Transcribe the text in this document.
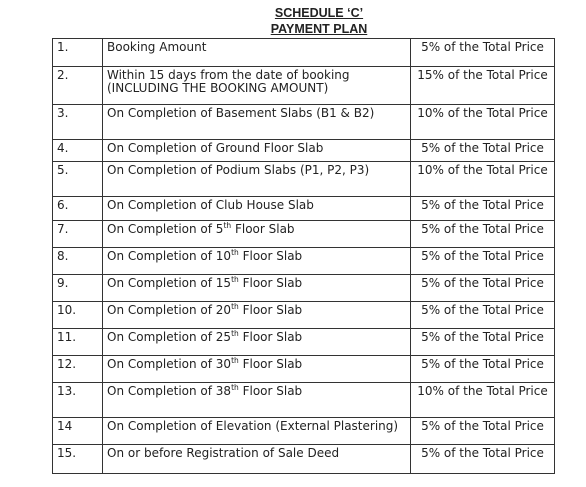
SCHEDULE ‘C’
PAYMENT PLAN
1.	Booking Amount	5% of the Total Price
2.	Within 15 days from the date of booking (INCLUDING THE BOOKING AMOUNT)	15% of the Total Price
3.	On Completion of Basement Slabs (B1 & B2)	10% of the Total Price
4.	On Completion of Ground Floor Slab	5% of the Total Price
5.	On Completion of Podium Slabs (P1, P2, P3)	10% of the Total Price
6.	On Completion of Club House Slab	5% of the Total Price
7.	On Completion of 5th Floor Slab	5% of the Total Price
8.	On Completion of 10th Floor Slab	5% of the Total Price
9.	On Completion of 15th Floor Slab	5% of the Total Price
10.	On Completion of 20th Floor Slab	5% of the Total Price
11.	On Completion of 25th Floor Slab	5% of the Total Price
12.	On Completion of 30th Floor Slab	5% of the Total Price
13.	On Completion of 38th Floor Slab	10% of the Total Price
14	On Completion of Elevation (External Plastering)	5% of the Total Price
15.	On or before Registration of Sale Deed	5% of the Total Price
